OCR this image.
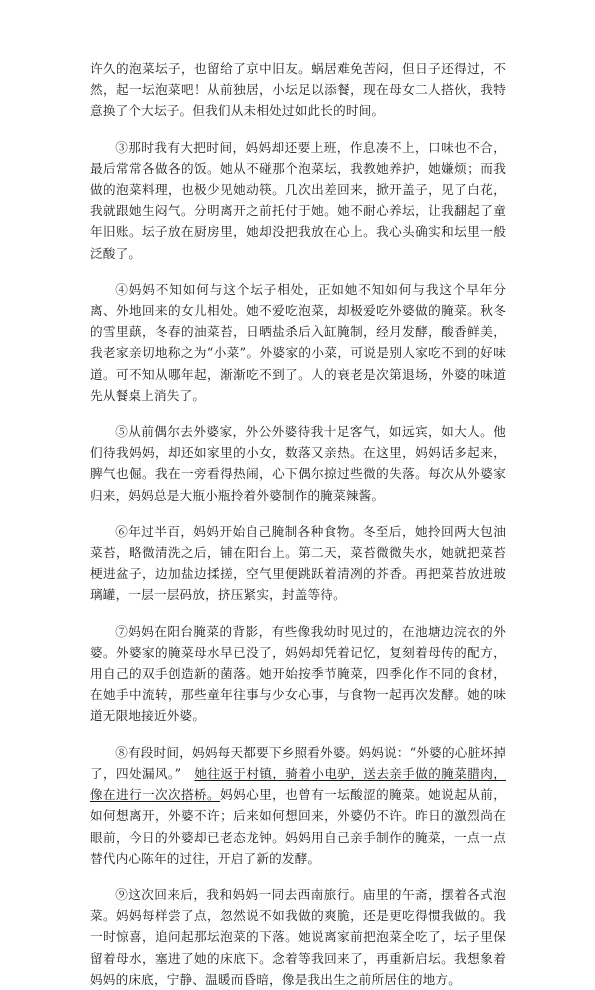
许久的泡菜坛子，也留给了京中旧友。蜗居难免苦闷，但日子还得过，不然，起一坛泡菜吧！从前独居，小坛足以添餐，现在母女二人搭伙，我特意换了个大坛子。但我们从未相处过如此长的时间。

③那时我有大把时间，妈妈却还要上班，作息凑不上，口味也不合，最后常常各做各的饭。她从不碰那个泡菜坛，我教她养护，她嫌烦；而我做的泡菜料理，也极少见她动筷。几次出差回来，掀开盖子，见了白花，我就跟她生闷气。分明离开之前托付于她。她不耐心养坛，让我翻起了童年旧账。坛子放在厨房里，她却没把我放在心上。我心头确实和坛里一般泛酸了。

④妈妈不知如何与这个坛子相处，正如她不知如何与我这个早年分离、外地回来的女儿相处。她不爱吃泡菜，却极爱吃外婆做的腌菜。秋冬的雪里蕻，冬春的油菜苔，日晒盐杀后入缸腌制，经月发酵，酸香鲜美，我老家亲切地称之为“小菜”。外婆家的小菜，可说是别人家吃不到的好味道。可不知从哪年起，渐渐吃不到了。人的衰老是次第退场，外婆的味道先从餐桌上消失了。

⑤从前偶尔去外婆家，外公外婆待我十足客气，如远宾，如大人。他们待我妈妈，却还如家里的小女，数落又亲热。在这里，妈妈话多起来，脾气也倔。我在一旁看得热闹，心下偶尔掠过些微的失落。每次从外婆家归来，妈妈总是大瓶小瓶拎着外婆制作的腌菜辣酱。

⑥年过半百，妈妈开始自己腌制各种食物。冬至后，她拎回两大包油菜苔，略微清洗之后，铺在阳台上。第二天，菜苔微微失水，她就把菜苔梗进盆子，边加盐边揉搓，空气里便跳跃着清冽的芥香。再把菜苔放进玻璃罐，一层一层码放，挤压紧实，封盖等待。

⑦妈妈在阳台腌菜的背影，有些像我幼时见过的，在池塘边浣衣的外婆。外婆家的腌菜母水早已没了，妈妈却凭着记忆，复刻着母传的配方，用自己的双手创造新的菌落。她开始按季节腌菜，四季化作不同的食材，在她手中流转，那些童年往事与少女心事，与食物一起再次发酵。她的味道无限地接近外婆。

⑧有段时间，妈妈每天都要下乡照看外婆。妈妈说：“外婆的心脏坏掉了，四处漏风。”　她往返于村镇，骑着小电驴，送去亲手做的腌菜腊肉，像在进行一次次搭桥。妈妈心里，也曾有一坛酸涩的腌菜。她说起从前，如何想离开，外婆不许；后来如何想回来，外婆仍不许。昨日的激烈尚在眼前，今日的外婆却已老态龙钟。妈妈用自己亲手制作的腌菜，一点一点替代内心陈年的过往，开启了新的发酵。

⑨这次回来后，我和妈妈一同去西南旅行。庙里的午斋，摆着各式泡菜。妈妈每样尝了点，忽然说不如我做的爽脆，还是更吃得惯我做的。我一时惊喜，追问起那坛泡菜的下落。她说离家前把泡菜全吃了，坛子里保留着母水，塞进了她的床底下。念着等我回来了，再重新启坛。我想象着妈妈的床底，宁静、温暖而昏暗，像是我出生之前所居住的地方。
